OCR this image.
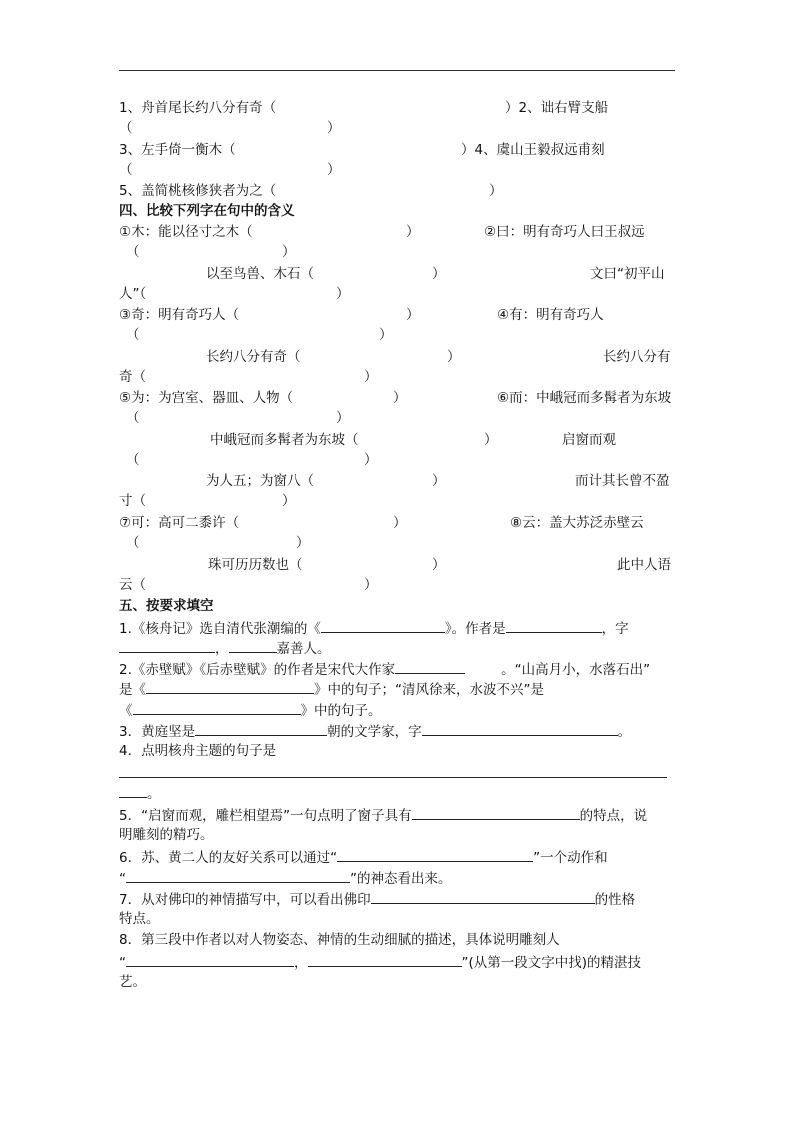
1、舟首尾长约八分有奇（	）2、诎右臂支船
（	）
3、左手倚一衡木（	）4、虞山王毅叔远甫刻
（	）
5、盖简桃核修狭者为之（	）
四、比较下列字在句中的含义
①木：能以径寸之木（	）	②曰：明有奇巧人曰王叔远
（	）
以至鸟兽、木石（	）	文曰“初平山
人”（	）
③奇：明有奇巧人（	）	④有：明有奇巧人
（	）
长约八分有奇（	）	长约八分有
奇（	）
⑤为：为宫室、器皿、人物（	）	⑥而：中峨冠而多髯者为东坡
（	）
中峨冠而多髯者为东坡（	）	启窗而观
（	）
为人五；为窗八（	）	而计其长曾不盈
寸（	）
⑦可：高可二黍许（	）	⑧云：盖大苏泛赤壁云
（	）
珠可历历数也（	）	此中人语
云（	）
五、按要求填空
1.《核舟记》选自清代张潮编的《	》。作者是	，字
，	嘉善人。
2.《赤壁赋》《后赤壁赋》的作者是宋代大作家	。“山高月小，水落石出”
是《	》中的句子；“清风徐来，水波不兴”是
《	》中的句子。
3．黄庭坚是	朝的文学家，字	。
4．点明核舟主题的句子是
。
5．“启窗而观，雕栏相望焉”一句点明了窗子具有	的特点，说
明雕刻的精巧。
6．苏、黄二人的友好关系可以通过“	”一个动作和
“	”的神态看出来。
7．从对佛印的神情描写中，可以看出佛印	的性格
特点。
8．第三段中作者以对人物姿态、神情的生动细腻的描述，具体说明雕刻人
“	，	”(从第一段文字中找)的精湛技
艺。
